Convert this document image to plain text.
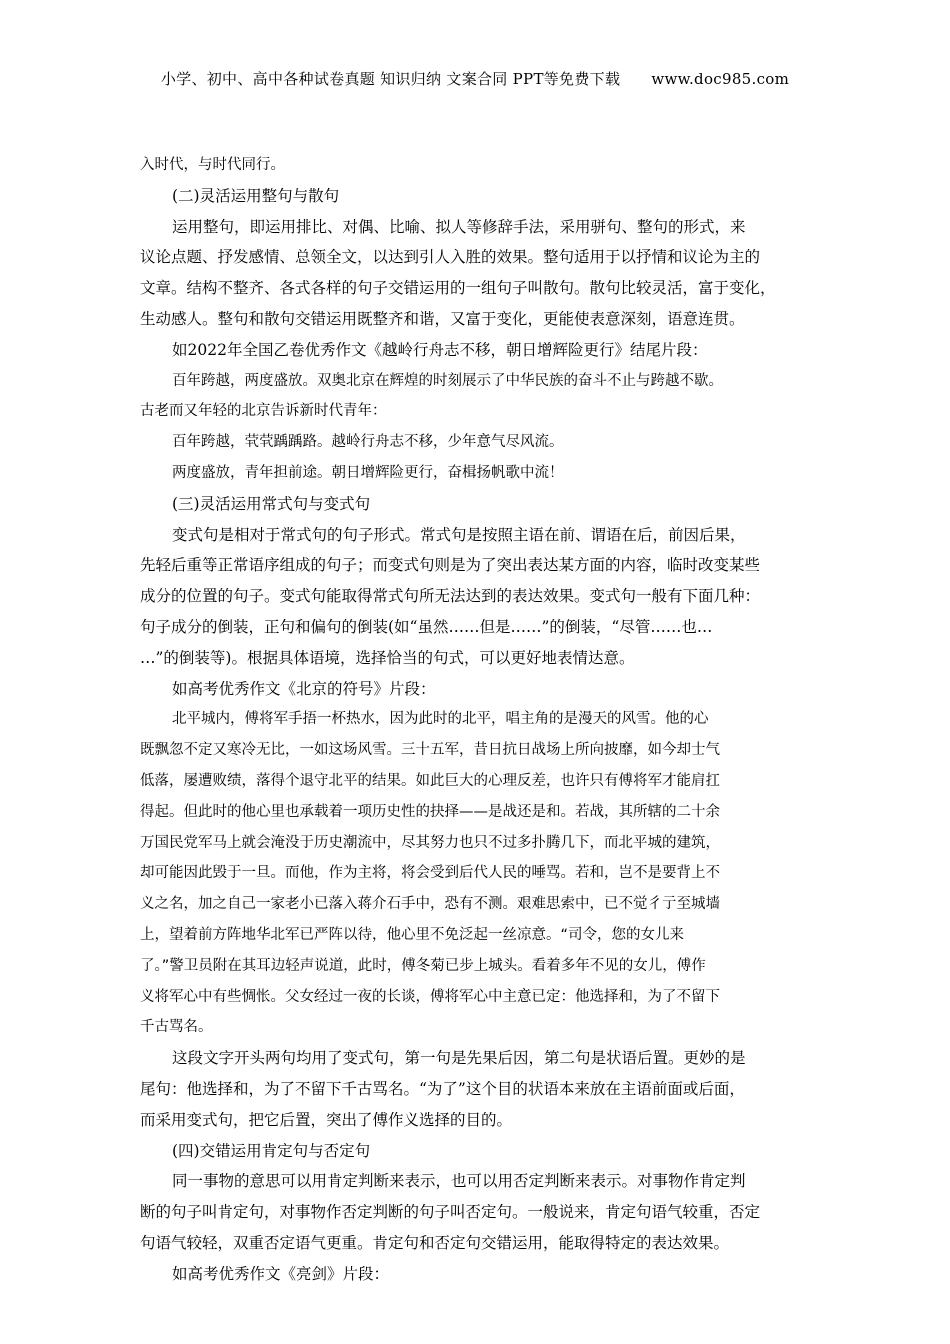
小学、初中、高中各种试卷真题 知识归纳 文案合同 PPT等免费下载 www.doc985.com
入时代，与时代同行。
(二)灵活运用整句与散句
运用整句，即运用排比、对偶、比喻、拟人等修辞手法，采用骈句、整句的形式，来
议论点题、抒发感情、总领全文，以达到引人入胜的效果。整句适用于以抒情和议论为主的
文章。结构不整齐、各式各样的句子交错运用的一组句子叫散句。散句比较灵活，富于变化，
生动感人。整句和散句交错运用既整齐和谐，又富于变化，更能使表意深刻，语意连贯。
如2022年全国乙卷优秀作文《越岭行舟志不移，朝日增辉险更行》结尾片段：
百年跨越，两度盛放。双奥北京在辉煌的时刻展示了中华民族的奋斗不止与跨越不歇。
古老而又年轻的北京告诉新时代青年：
百年跨越，茕茕踽踽路。越岭行舟志不移，少年意气尽风流。
两度盛放，青年担前途。朝日增辉险更行，奋楫扬帆歌中流！
(三)灵活运用常式句与变式句
变式句是相对于常式句的句子形式。常式句是按照主语在前、谓语在后，前因后果，
先轻后重等正常语序组成的句子；而变式句则是为了突出表达某方面的内容，临时改变某些
成分的位置的句子。变式句能取得常式句所无法达到的表达效果。变式句一般有下面几种：
句子成分的倒装，正句和偏句的倒装(如“虽然……但是……”的倒装，“尽管……也…
…”的倒装等)。根据具体语境，选择恰当的句式，可以更好地表情达意。
如高考优秀作文《北京的符号》片段：
北平城内，傅将军手捂一杯热水，因为此时的北平，唱主角的是漫天的风雪。他的心
既飘忽不定又寒冷无比，一如这场风雪。三十五军，昔日抗日战场上所向披靡，如今却士气
低落，屡遭败绩，落得个退守北平的结果。如此巨大的心理反差，也许只有傅将军才能肩扛
得起。但此时的他心里也承载着一项历史性的抉择——是战还是和。若战，其所辖的二十余
万国民党军马上就会淹没于历史潮流中，尽其努力也只不过多扑腾几下，而北平城的建筑，
却可能因此毁于一旦。而他，作为主将，将会受到后代人民的唾骂。若和，岂不是要背上不
义之名，加之自己一家老小已落入蒋介石手中，恐有不测。艰难思索中，已不觉彳亍至城墙
上，望着前方阵地华北军已严阵以待，他心里不免泛起一丝凉意。“司令，您的女儿来
了。”警卫员附在其耳边轻声说道，此时，傅冬菊已步上城头。看着多年不见的女儿，傅作
义将军心中有些惆怅。父女经过一夜的长谈，傅将军心中主意已定：他选择和，为了不留下
千古骂名。
这段文字开头两句均用了变式句，第一句是先果后因，第二句是状语后置。更妙的是
尾句：他选择和，为了不留下千古骂名。“为了”这个目的状语本来放在主语前面或后面，
而采用变式句，把它后置，突出了傅作义选择的目的。
(四)交错运用肯定句与否定句
同一事物的意思可以用肯定判断来表示，也可以用否定判断来表示。对事物作肯定判
断的句子叫肯定句，对事物作否定判断的句子叫否定句。一般说来，肯定句语气较重，否定
句语气较轻，双重否定语气更重。肯定句和否定句交错运用，能取得特定的表达效果。
如高考优秀作文《亮剑》片段：
